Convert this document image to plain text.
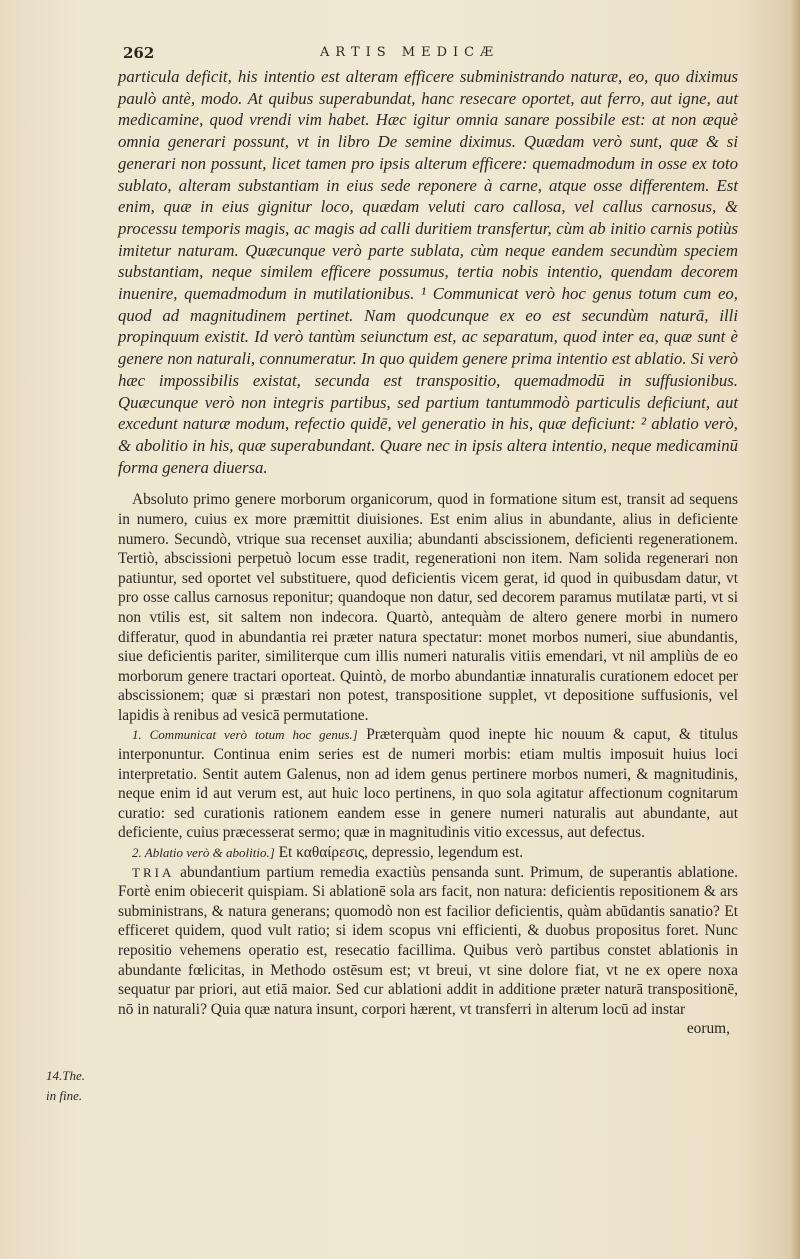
262	ARTIS MEDICÆ

particula deficit, his intentio est alteram efficere subministrando naturæ, eo, quo diximus paulò antè, modo. At quibus superabundat, hanc resecare oportet, aut ferro, aut igne, aut medicamine, quod vrendi vim habet. Hæc igitur omnia sanare possibile est: at non æquè omnia generari possunt, vt in libro De semine diximus. Quædam verò sunt, quæ & si generari non possunt, licet tamen pro ipsis alterum efficere: quemadmodum in osse ex toto sublato, alteram substantiam in eius sede reponere à carne, atque osse differentem. Est enim, quæ in eius gignitur loco, quædam veluti caro callosa, vel callus carnosus, & processu temporis magis, ac magis ad calli duritiem transfertur, cùm ab initio carnis potiùs imitetur naturam. Quæcunque verò parte sublata, cùm neque eandem secundùm speciem substantiam, neque similem efficere possumus, tertia nobis intentio, quendam decorem inuenire, quemadmodum in mutilationibus. ¹ Communicat verò hoc genus totum cum eo, quod ad magnitudinem pertinet. Nam quodcunque ex eo est secundùm naturā, illi propinquum existit. Id verò tantùm seiunctum est, ac separatum, quod inter ea, quæ sunt è genere non naturali, connumeratur. In quo quidem genere prima intentio est ablatio. Si verò hæc impossibilis existat, secunda est transpositio, quemadmodū in suffusionibus. Quæcunque verò non integris partibus, sed partium tantummodò particulis deficiunt, aut excedunt naturæ modum, refectio quidē, vel generatio in his, quæ deficiunt: ² ablatio verò, & abolitio in his, quæ superabundant. Quare nec in ipsis altera intentio, neque medicaminū forma genera diuersa.

Absoluto primo genere morborum organicorum, quod in formatione situm est, transit ad sequens in numero, cuius ex more præmittit diuisiones. Est enim alius in abundante, alius in deficiente numero. Secundò, vtrique sua recenset auxilia; abundanti abscissionem, deficienti regenerationem. Tertiò, abscissioni perpetuò locum esse tradit, regenerationi non item. Nam solida regenerari non patiuntur, sed oportet vel substituere, quod deficientis vicem gerat, id quod in quibusdam datur, vt pro osse callus carnosus reponitur; quandoque non datur, sed decorem paramus mutilatæ parti, vt si non vtilis est, sit saltem non indecora. Quartò, antequàm de altero genere morbi in numero differatur, quod in abundantia rei præter natura spectatur: monet morbos numeri, siue abundantis, siue deficientis pariter, similiterque cum illis numeri naturalis vitiis emendari, vt nil ampliùs de eo morborum genere tractari oporteat. Quintò, de morbo abundantiæ innaturalis curationem edocet per abscissionem; quæ si præstari non potest, transpositione supplet, vt depositione suffusionis, vel lapidis à renibus ad vesicā permutatione.

1. Communicat verò totum hoc genus.] Præterquàm quod inepte hic nouum & caput, & titulus interponuntur. Continua enim series est de numeri morbis: etiam multis imposuit huius loci interpretatio. Sentit autem Galenus, non ad idem genus pertinere morbos numeri, & magnitudinis, neque enim id aut verum est, aut huic loco pertinens, in quo sola agitatur affectionum cognitarum curatio: sed curationis rationem eandem esse in genere numeri naturalis aut abundante, aut deficiente, cuius præcesserat sermo; quæ in magnitudinis vitio excessus, aut defectus.

2. Ablatio verò & abolitio.] Et καθαίρεσις, depressio, legendum est.

TRIA abundantium partium remedia exactiùs pensanda sunt. Primum, de superantis ablatione. Fortè enim obiecerit quispiam. Si ablationē sola ars facit, non natura: deficientis repositionem & ars subministrans, & natura generans; quomodò non est facilior deficientis, quàm abūdantis sanatio? Et efficeret quidem, quod vult ratio; si idem scopus vni efficienti, & duobus propositus foret. Nunc repositio vehemens operatio est, resecatio facillima. Quibus verò partibus constet ablationis in abundante fœlicitas, in Methodo ostēsum est; vt breui, vt sine dolore fiat, vt ne ex opere noxa sequatur par priori, aut etiā maior. Sed cur ablationi addit in additione præter naturā transpositionē, nō in naturali? Quia quæ natura insunt, corpori hærent, vt transferri in alterum locū ad instar

eorum,

14.The.
in fine.
